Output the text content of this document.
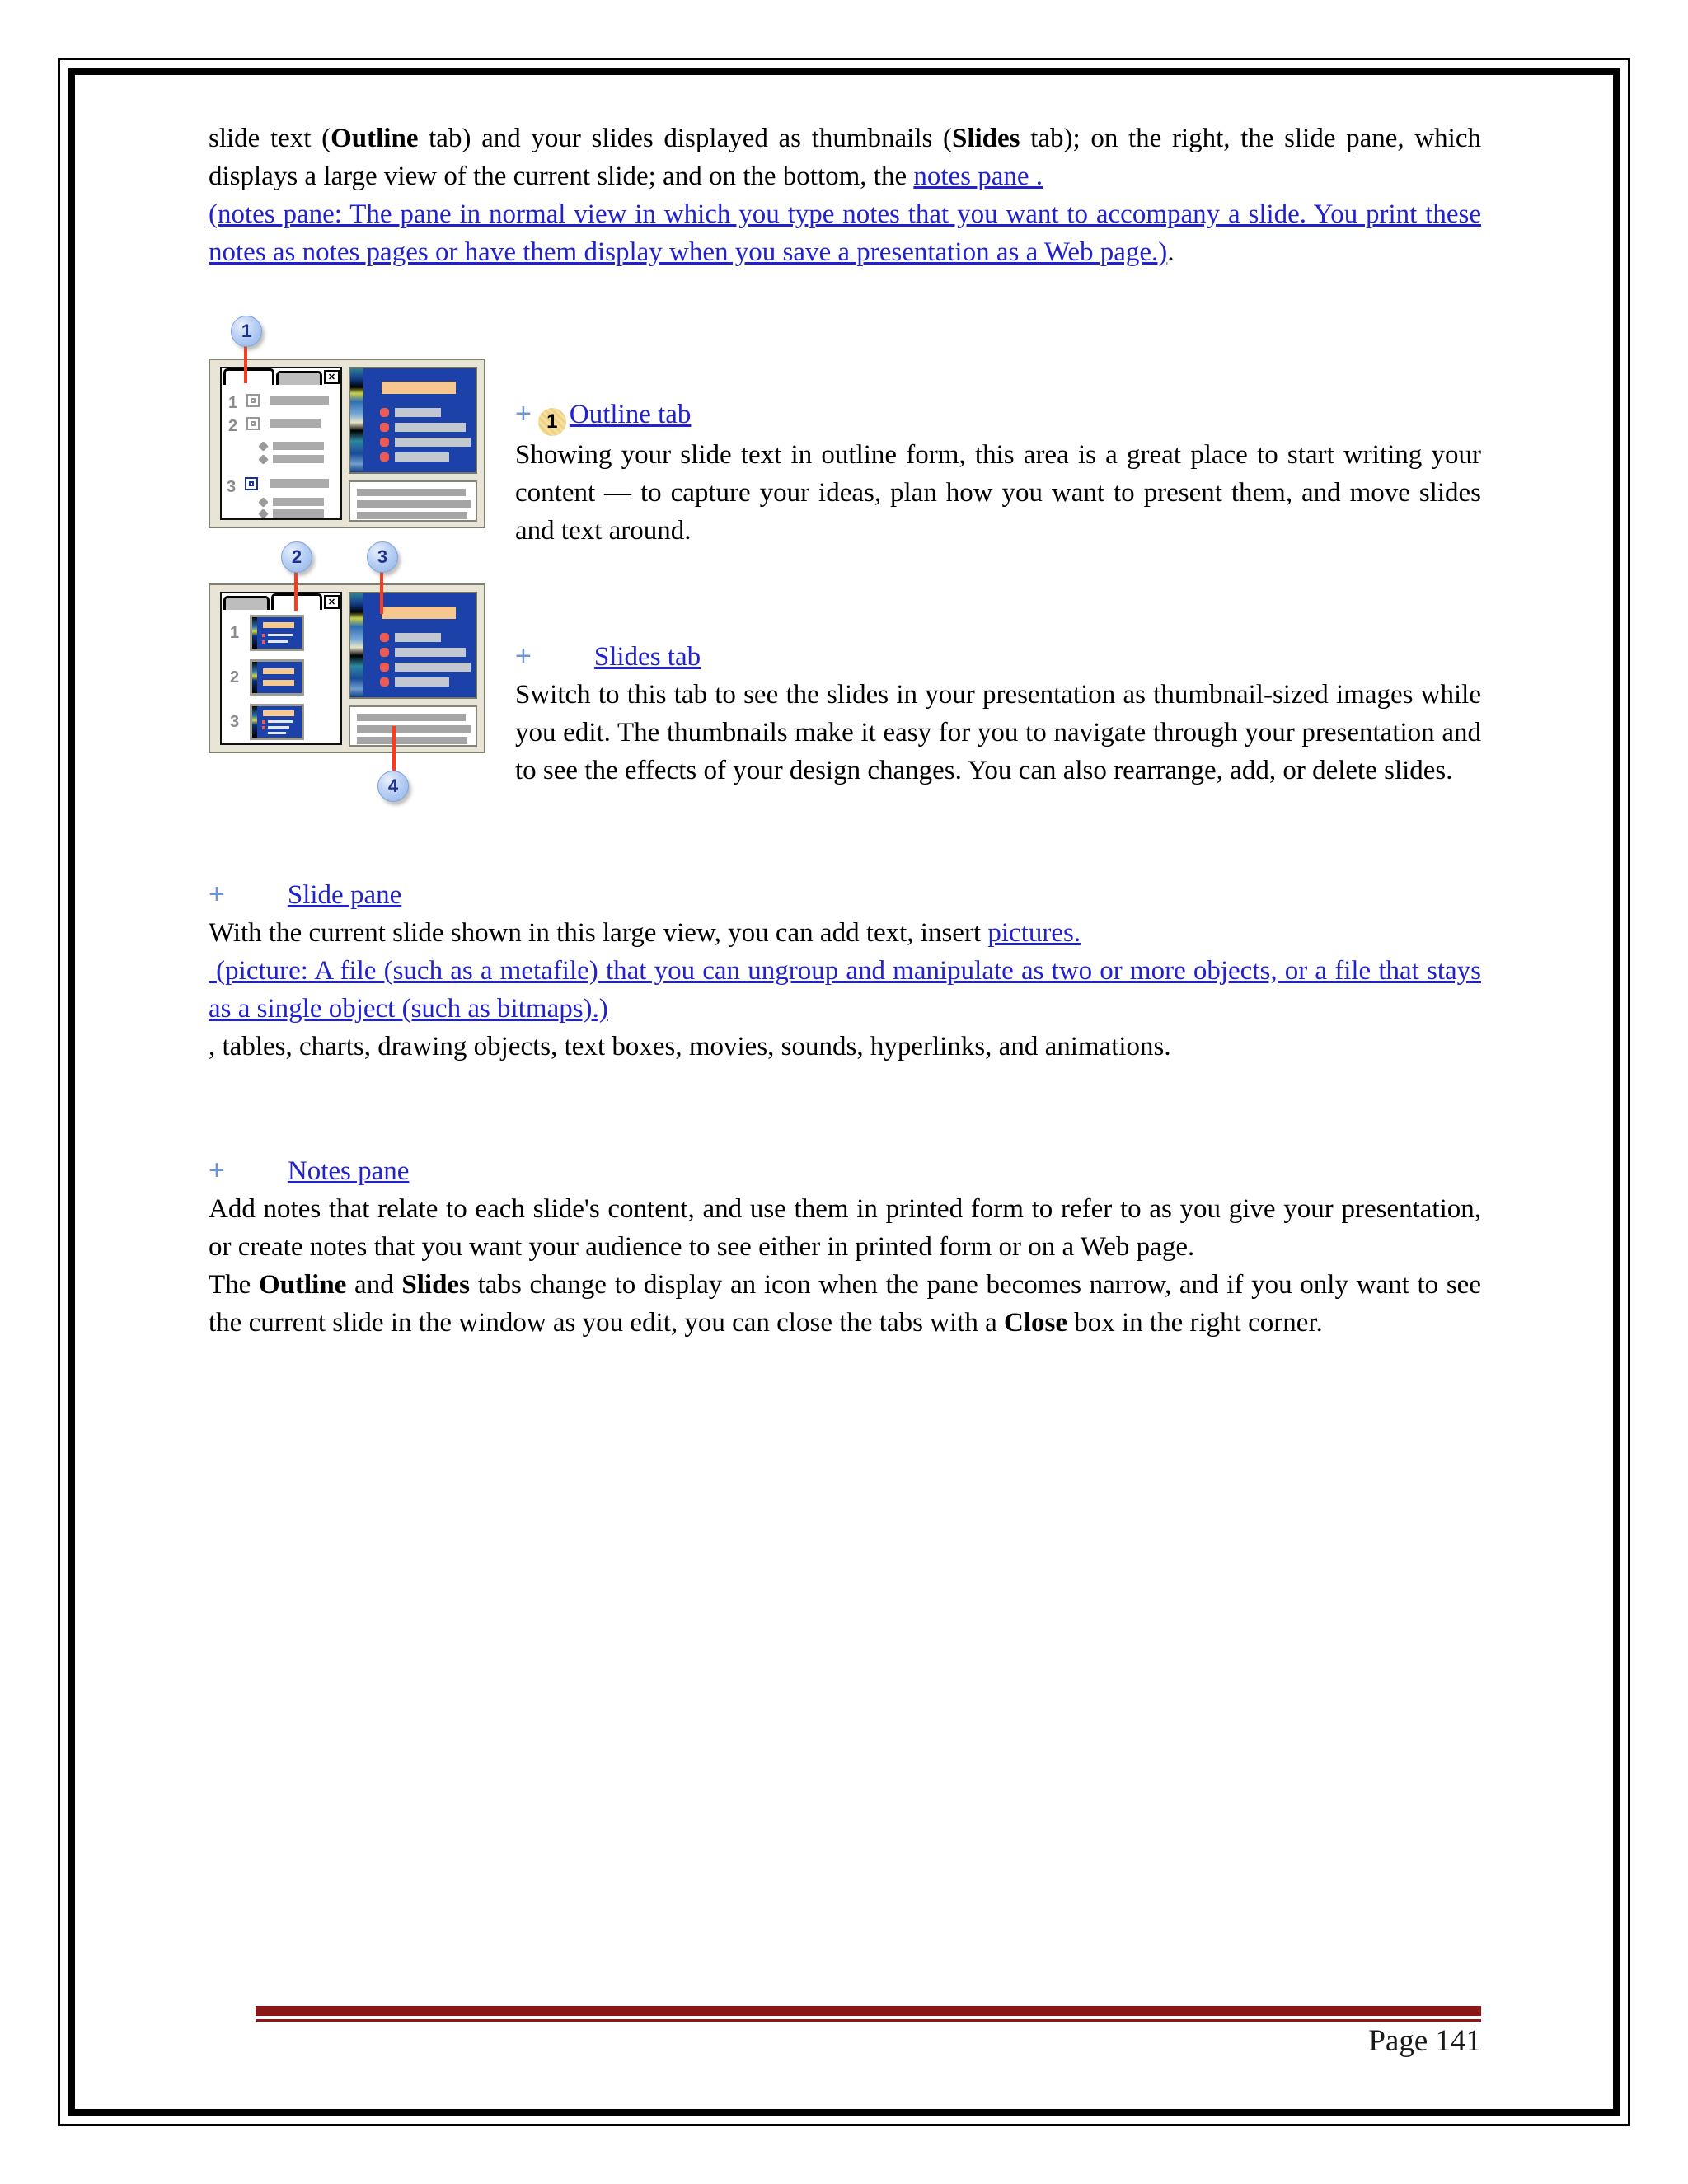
slide text (Outline tab) and your slides displayed as thumbnails (Slides tab); on the right, the slide pane, which displays a large view of the current slide; and on the bottom, the notes pane .

(notes pane: The pane in normal view in which you type notes that you want to accompany a slide. You print these notes as notes pages or have them display when you save a presentation as a Web page.).

1
✕
1
2
3
2	3
✕
1
2
3
4
+ 1 Outline tab

Showing your slide text in outline form, this area is a great place to start writing your content — to capture your ideas, plan how you want to present them, and move slides and text around.

+ Slides tab

Switch to this tab to see the slides in your presentation as thumbnail-sized images while you edit. The thumbnails make it easy for you to navigate through your presentation and to see the effects of your design changes. You can also rearrange, add, or delete slides.

+ Slide pane

With the current slide shown in this large view, you can add text, insert pictures.

(picture: A file (such as a metafile) that you can ungroup and manipulate as two or more objects, or a file that stays as a single object (such as bitmaps).)

, tables, charts, drawing objects, text boxes, movies, sounds, hyperlinks, and animations.

+ Notes pane

Add notes that relate to each slide's content, and use them in printed form to refer to as you give your presentation, or create notes that you want your audience to see either in printed form or on a Web page.

The Outline and Slides tabs change to display an icon when the pane becomes narrow, and if you only want to see the current slide in the window as you edit, you can close the tabs with a Close box in the right corner.

Page 141
